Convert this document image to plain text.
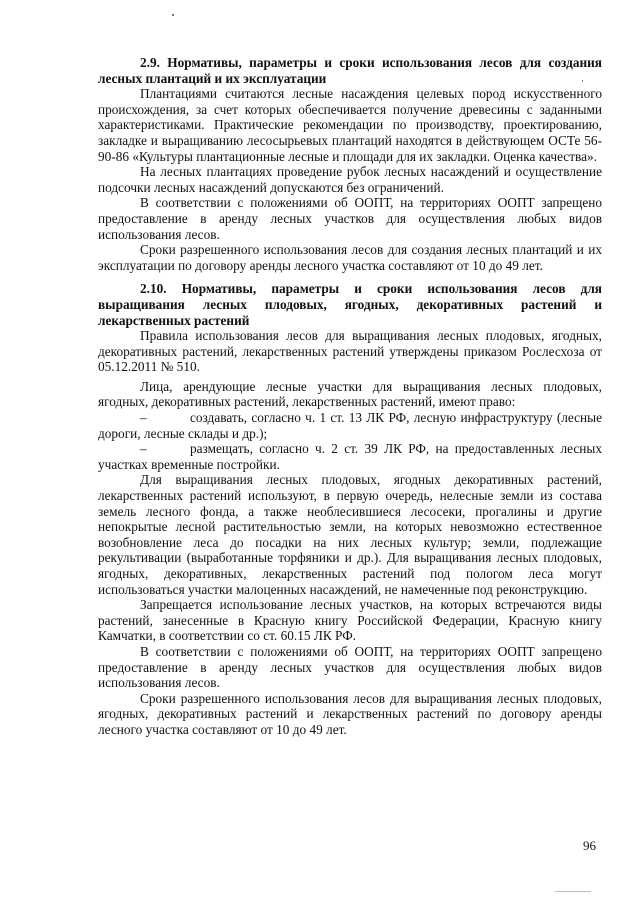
2.9. Нормативы, параметры и сроки использования лесов для создания лесных плантаций и их эксплуатации

Плантациями считаются лесные насаждения целевых пород искусственного происхождения, за счет которых обеспечивается получение древесины с заданными характеристиками. Практические рекомендации по производству, проектированию, закладке и выращиванию лесосырьевых плантаций находятся в действующем ОСТе 56-90-86 «Культуры плантационные лесные и площади для их закладки. Оценка качества».

На лесных плантациях проведение рубок лесных насаждений и осуществление подсочки лесных насаждений допускаются без ограничений.

В соответствии с положениями об ООПТ, на территориях ООПТ запрещено предоставление в аренду лесных участков для осуществления любых видов использования лесов.

Сроки разрешенного использования лесов для создания лесных плантаций и их эксплуатации по договору аренды лесного участка составляют от 10 до 49 лет.

2.10. Нормативы, параметры и сроки использования лесов для выращивания лесных плодовых, ягодных, декоративных растений и лекарственных растений

Правила использования лесов для выращивания лесных плодовых, ягодных, декоративных растений, лекарственных растений утверждены приказом Рослесхоза от 05.12.2011 № 510.

Лица, арендующие лесные участки для выращивания лесных плодовых, ягодных, декоративных растений, лекарственных растений, имеют право:

–	создавать, согласно ч. 1 ст. 13 ЛК РФ, лесную инфраструктуру (лесные дороги, лесные склады и др.);

–	размещать, согласно ч. 2 ст. 39 ЛК РФ, на предоставленных лесных участках временные постройки.

Для выращивания лесных плодовых, ягодных декоративных растений, лекарственных растений используют, в первую очередь, нелесные земли из состава земель лесного фонда, а также необлесившиеся лесосеки, прогалины и другие непокрытые лесной растительностью земли, на которых невозможно естественное возобновление леса до посадки на них лесных культур; земли, подлежащие рекультивации (выработанные торфяники и др.). Для выращивания лесных плодовых, ягодных, декоративных, лекарственных растений под пологом леса могут использоваться участки малоценных насаждений, не намеченные под реконструкцию.

Запрещается использование лесных участков, на которых встречаются виды растений, занесенные в Красную книгу Российской Федерации, Красную книгу Камчатки, в соответствии со ст. 60.15 ЛК РФ.

В соответствии с положениями об ООПТ, на территориях ООПТ запрещено предоставление в аренду лесных участков для осуществления любых видов использования лесов.

Сроки разрешенного использования лесов для выращивания лесных плодовых, ягодных, декоративных растений и лекарственных растений по договору аренды лесного участка составляют от 10 до 49 лет.

96
